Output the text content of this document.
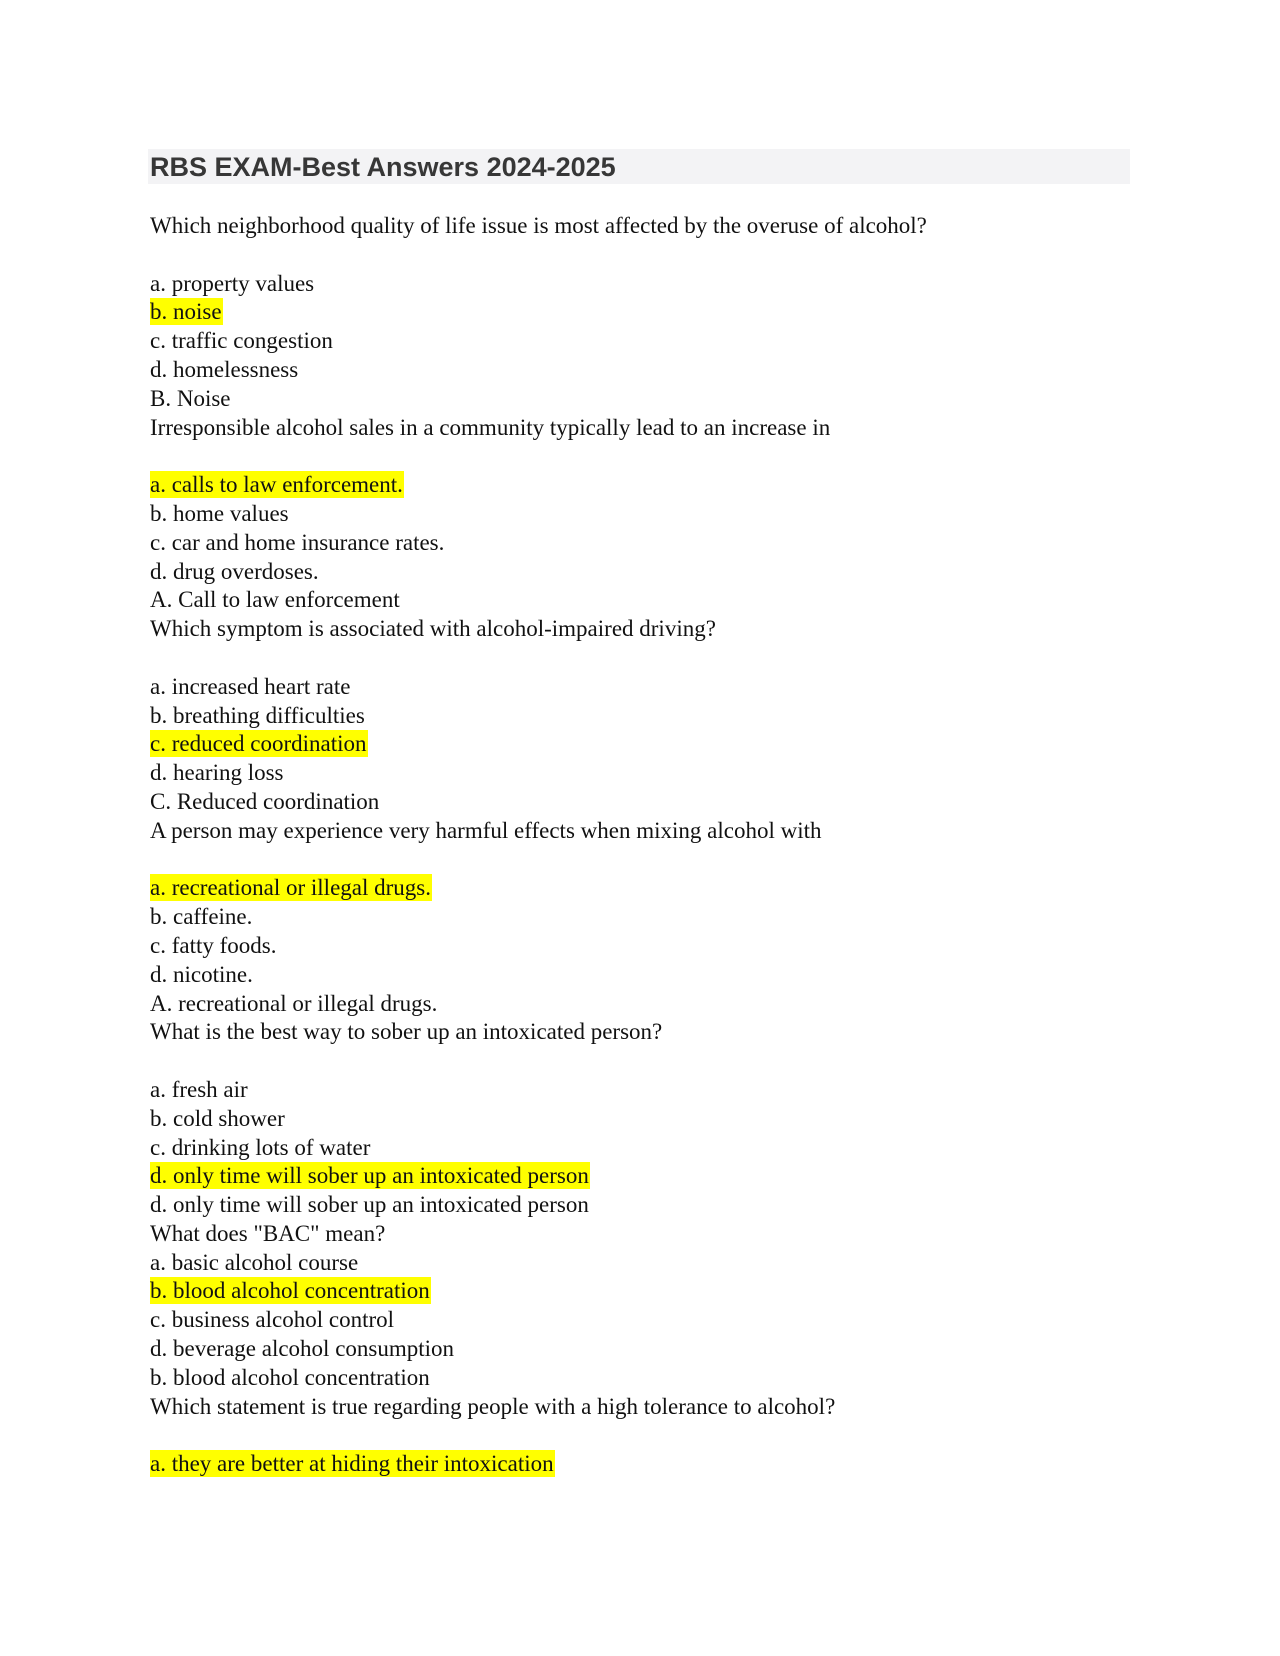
RBS EXAM-Best Answers 2024-2025
Which neighborhood quality of life issue is most affected by the overuse of alcohol?
a. property values
b. noise
c. traffic congestion
d. homelessness
B. Noise
Irresponsible alcohol sales in a community typically lead to an increase in
a. calls to law enforcement.
b. home values
c. car and home insurance rates.
d. drug overdoses.
A. Call to law enforcement
Which symptom is associated with alcohol-impaired driving?
a. increased heart rate
b. breathing difficulties
c. reduced coordination
d. hearing loss
C. Reduced coordination
A person may experience very harmful effects when mixing alcohol with
a. recreational or illegal drugs.
b. caffeine.
c. fatty foods.
d. nicotine.
A. recreational or illegal drugs.
What is the best way to sober up an intoxicated person?
a. fresh air
b. cold shower
c. drinking lots of water
d. only time will sober up an intoxicated person
d. only time will sober up an intoxicated person
What does "BAC" mean?
a. basic alcohol course
b. blood alcohol concentration
c. business alcohol control
d. beverage alcohol consumption
b. blood alcohol concentration
Which statement is true regarding people with a high tolerance to alcohol?
a. they are better at hiding their intoxication
